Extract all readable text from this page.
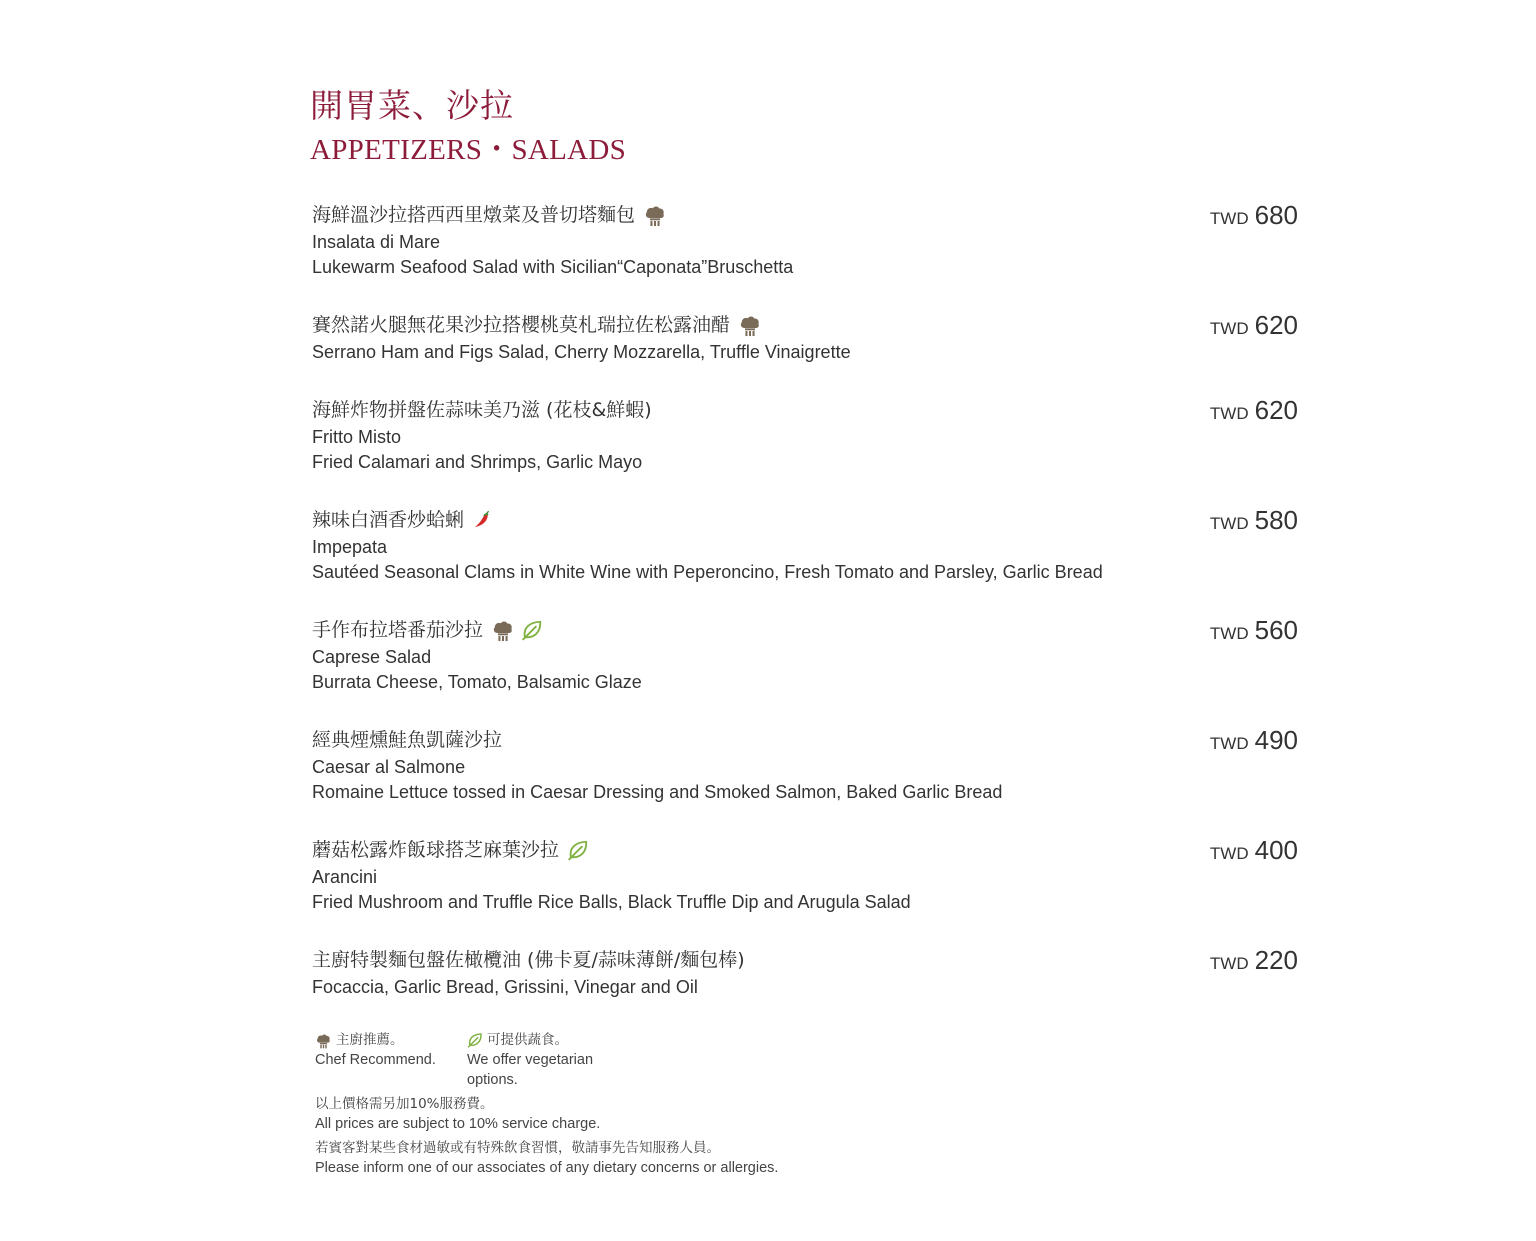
開胃菜、沙拉
APPETIZERS・SALADS
海鮮溫沙拉搭西西里燉菜及普切塔麵包
Insalata di Mare
Lukewarm Seafood Salad with Sicilian“Caponata”Bruschetta
TWD 680
賽然諾火腿無花果沙拉搭櫻桃莫札瑞拉佐松露油醋
Serrano Ham and Figs Salad, Cherry Mozzarella, Truffle Vinaigrette
TWD 620
海鮮炸物拼盤佐蒜味美乃滋 (花枝&鮮蝦)
Fritto Misto
Fried Calamari and Shrimps, Garlic Mayo
TWD 620
辣味白酒香炒蛤蜊
Impepata
Sautéed Seasonal Clams in White Wine with Peperoncino, Fresh Tomato and Parsley, Garlic Bread
TWD 580
手作布拉塔番茄沙拉
Caprese Salad
Burrata Cheese, Tomato, Balsamic Glaze
TWD 560
經典煙燻鮭魚凱薩沙拉
Caesar al Salmone
Romaine Lettuce tossed in Caesar Dressing and Smoked Salmon, Baked Garlic Bread
TWD 490
蘑菇松露炸飯球搭芝麻葉沙拉
Arancini
Fried Mushroom and Truffle Rice Balls, Black Truffle Dip and Arugula Salad
TWD 400
主廚特製麵包盤佐橄欖油 (佛卡夏/蒜味薄餅/麵包棒)
Focaccia, Garlic Bread, Grissini, Vinegar and Oil
TWD 220
主廚推薦。
Chef Recommend.
可提供蔬食。
We offer vegetarian options.
以上價格需另加10%服務費。
All prices are subject to 10% service charge.
若賓客對某些食材過敏或有特殊飲食習慣，敬請事先告知服務人員。
Please inform one of our associates of any dietary concerns or allergies.
